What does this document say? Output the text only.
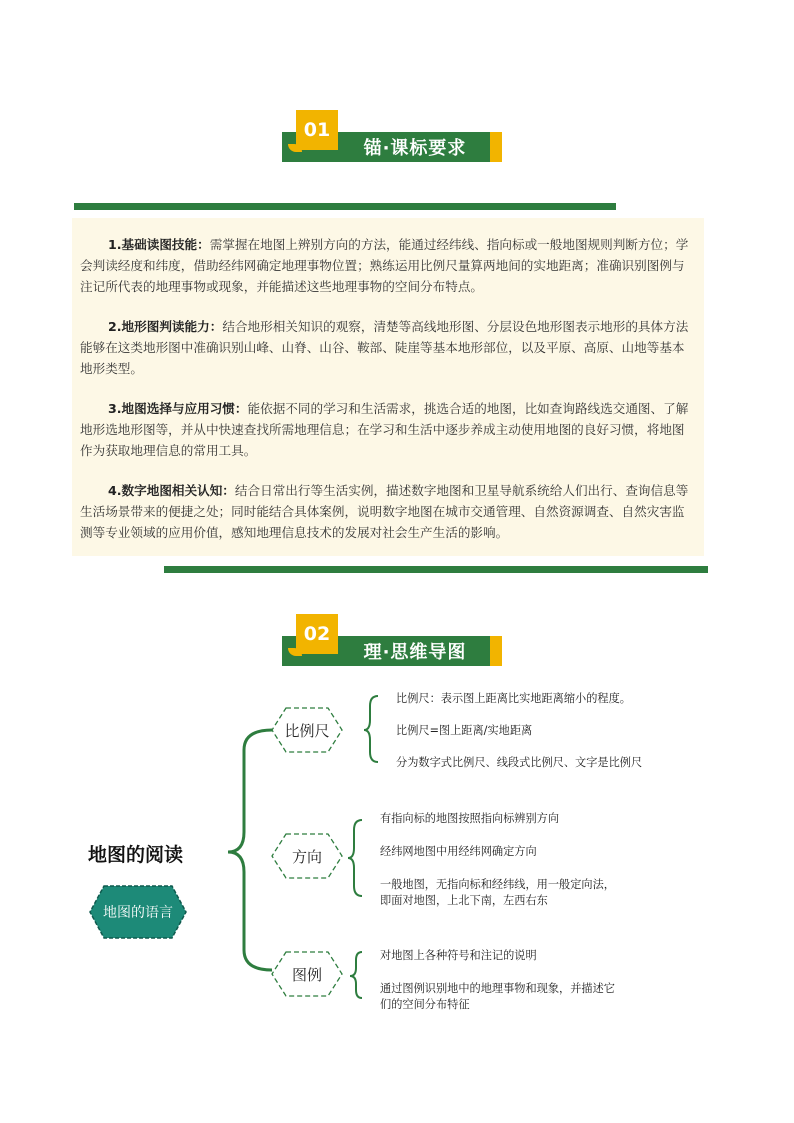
01
锚·课标要求

1.基础读图技能：需掌握在地图上辨别方向的方法，能通过经纬线、指向标或一般地图规则判断方位；学会判读经度和纬度，借助经纬网确定地理事物位置；熟练运用比例尺量算两地间的实地距离；准确识别图例与注记所代表的地理事物或现象，并能描述这些地理事物的空间分布特点。

2.地形图判读能力：结合地形相关知识的观察，清楚等高线地形图、分层设色地形图表示地形的具体方法 能够在这类地形图中准确识别山峰、山脊、山谷、鞍部、陡崖等基本地形部位，以及平原、高原、山地等基本地形类型。

3.地图选择与应用习惯：能依据不同的学习和生活需求，挑选合适的地图，比如查询路线选交通图、了解地形选地形图等，并从中快速查找所需地理信息；在学习和生活中逐步养成主动使用地图的良好习惯，将地图作为获取地理信息的常用工具。

4.数字地图相关认知：结合日常出行等生活实例，描述数字地图和卫星导航系统给人们出行、查询信息等生活场景带来的便捷之处；同时能结合具体案例，说明数字地图在城市交通管理、自然资源调查、自然灾害监测等专业领域的应用价值，感知地理信息技术的发展对社会生产生活的影响。

02
理·思维导图
地图的阅读
地图的语言
比例尺
方向
图例
比例尺：表示图上距离比实地距离缩小的程度。
比例尺=图上距离/实地距离
分为数字式比例尺、线段式比例尺、文字是比例尺
有指向标的地图按照指向标辨别方向
经纬网地图中用经纬网确定方向
一般地图，无指向标和经纬线，用一般定向法，
即面对地图，上北下南，左西右东
对地图上各种符号和注记的说明
通过图例识别地中的地理事物和现象，并描述它
们的空间分布特征
